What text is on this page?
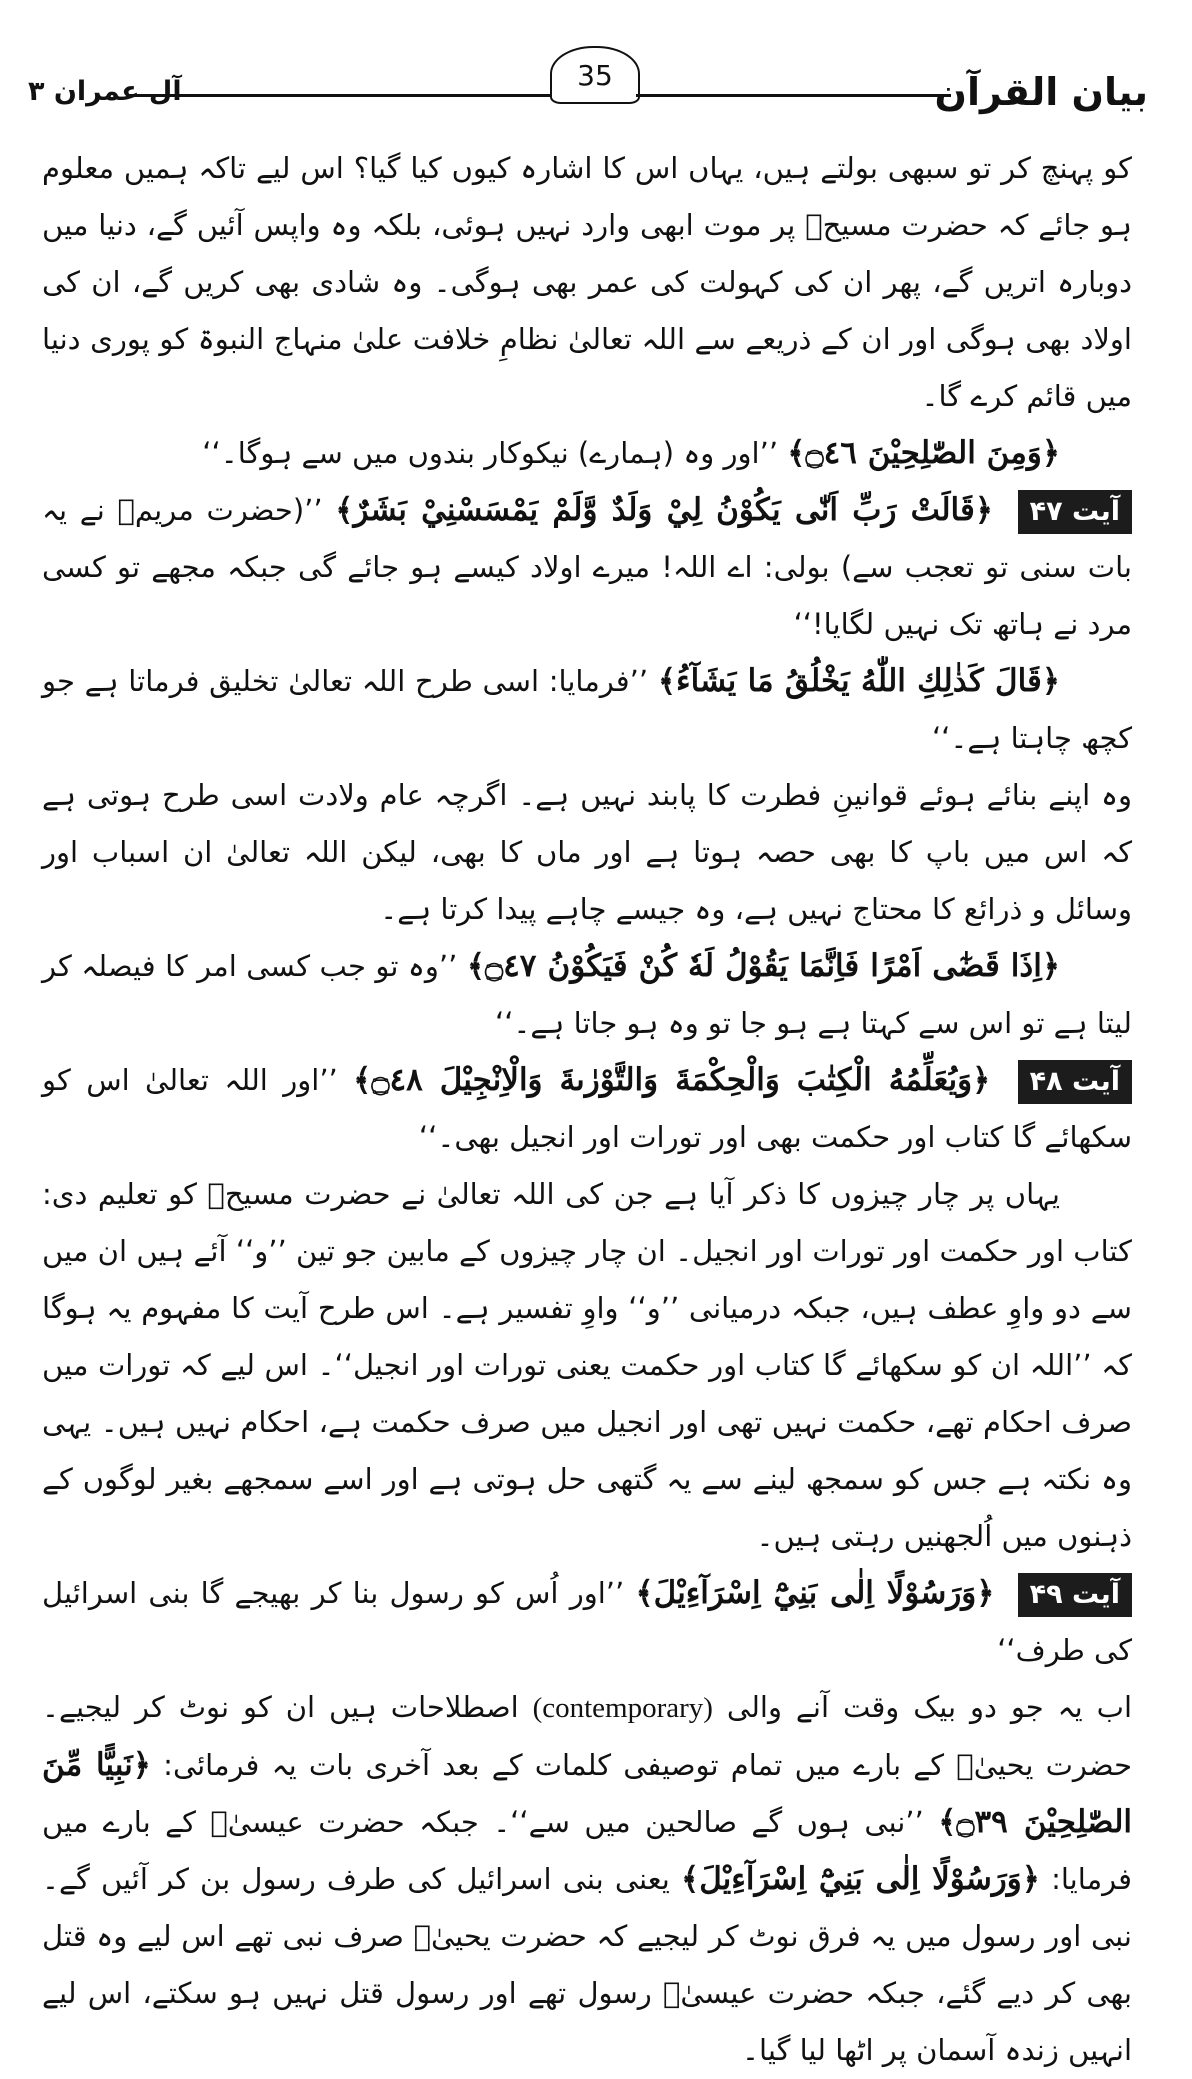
آل عمران ۳	35	بیان القرآن

کو پہنچ کر تو سبھی بولتے ہیں، یہاں اس کا اشارہ کیوں کیا گیا؟ اس لیے تاکہ ہمیں معلوم ہو جائے کہ حضرت مسیحؑ پر موت ابھی وارد نہیں ہوئی، بلکہ وہ واپس آئیں گے، دنیا میں دوبارہ اتریں گے، پھر ان کی کہولت کی عمر بھی ہوگی۔ وہ شادی بھی کریں گے، ان کی اولاد بھی ہوگی اور ان کے ذریعے سے اللہ تعالیٰ نظامِ خلافت علیٰ منہاج النبوۃ کو پوری دنیا میں قائم کرے گا۔

﴿وَمِنَ الصّٰلِحِيْنَ ۝٤٦﴾ ’’اور وہ (ہمارے) نیکوکار بندوں میں سے ہوگا۔‘‘

آیت ۴۷ ﴿قَالَتْ رَبِّ اَنّٰى يَكُوْنُ لِيْ وَلَدٌ وَّلَمْ يَمْسَسْنِيْ بَشَرٌ﴾ ’’(حضرت مریمؑ نے یہ بات سنی تو تعجب سے) بولی: اے اللہ! میرے اولاد کیسے ہو جائے گی جبکہ مجھے تو کسی مرد نے ہاتھ تک نہیں لگایا!‘‘

﴿قَالَ كَذٰلِكِ اللّٰهُ يَخْلُقُ مَا يَشَآءُ﴾ ’’فرمایا: اسی طرح اللہ تعالیٰ تخلیق فرماتا ہے جو کچھ چاہتا ہے۔‘‘

وہ اپنے بنائے ہوئے قوانینِ فطرت کا پابند نہیں ہے۔ اگرچہ عام ولادت اسی طرح ہوتی ہے کہ اس میں باپ کا بھی حصہ ہوتا ہے اور ماں کا بھی، لیکن اللہ تعالیٰ ان اسباب اور وسائل و ذرائع کا محتاج نہیں ہے، وہ جیسے چاہے پیدا کرتا ہے۔

﴿اِذَا قَضٰٓى اَمْرًا فَاِنَّمَا يَقُوْلُ لَهٗ كُنْ فَيَكُوْنُ ۝٤٧﴾ ’’وہ تو جب کسی امر کا فیصلہ کر لیتا ہے تو اس سے کہتا ہے ہو جا تو وہ ہو جاتا ہے۔‘‘

آیت ۴۸ ﴿وَيُعَلِّمُهُ الْكِتٰبَ وَالْحِكْمَةَ وَالتَّوْرٰىةَ وَالْاِنْجِيْلَ ۝٤٨﴾ ’’اور اللہ تعالیٰ اس کو سکھائے گا کتاب اور حکمت بھی اور تورات اور انجیل بھی۔‘‘

یہاں پر چار چیزوں کا ذکر آیا ہے جن کی اللہ تعالیٰ نے حضرت مسیحؑ کو تعلیم دی: کتاب اور حکمت اور تورات اور انجیل۔ ان چار چیزوں کے مابین جو تین ’’و‘‘ آئے ہیں ان میں سے دو واوِ عطف ہیں، جبکہ درمیانی ’’و‘‘ واوِ تفسیر ہے۔ اس طرح آیت کا مفہوم یہ ہوگا کہ ’’اللہ ان کو سکھائے گا کتاب اور حکمت یعنی تورات اور انجیل‘‘۔ اس لیے کہ تورات میں صرف احکام تھے، حکمت نہیں تھی اور انجیل میں صرف حکمت ہے، احکام نہیں ہیں۔ یہی وہ نکتہ ہے جس کو سمجھ لینے سے یہ گتھی حل ہوتی ہے اور اسے سمجھے بغیر لوگوں کے ذہنوں میں اُلجھنیں رہتی ہیں۔

آیت ۴۹ ﴿وَرَسُوْلًا اِلٰى بَنِيْٓ اِسْرَآءِيْلَ﴾ ’’اور اُس کو رسول بنا کر بھیجے گا بنی اسرائیل کی طرف‘‘

اب یہ جو دو بیک وقت آنے والی (contemporary) اصطلاحات ہیں ان کو نوٹ کر لیجیے۔ حضرت یحییٰؑ کے بارے میں تمام توصیفی کلمات کے بعد آخری بات یہ فرمائی: ﴿نَبِيًّا مِّنَ الصّٰلِحِيْنَ ۝٣٩﴾ ’’نبی ہوں گے صالحین میں سے‘‘۔ جبکہ حضرت عیسیٰؑ کے بارے میں فرمایا: ﴿وَرَسُوْلًا اِلٰى بَنِيْٓ اِسْرَآءِيْلَ﴾ یعنی بنی اسرائیل کی طرف رسول بن کر آئیں گے۔ نبی اور رسول میں یہ فرق نوٹ کر لیجیے کہ حضرت یحییٰؑ صرف نبی تھے اس لیے وہ قتل بھی کر دیے گئے، جبکہ حضرت عیسیٰؑ رسول تھے اور رسول قتل نہیں ہو سکتے، اس لیے انہیں زندہ آسمان پر اٹھا لیا گیا۔
